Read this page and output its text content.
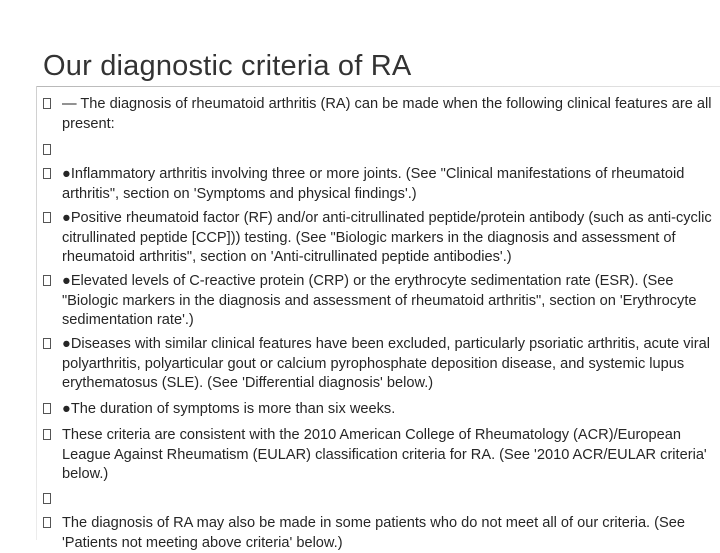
Our diagnostic criteria of RA
— The diagnosis of rheumatoid arthritis (RA) can be made when the following clinical features are all present:
●Inflammatory arthritis involving three or more joints. (See "Clinical manifestations of rheumatoid arthritis", section on 'Symptoms and physical findings'.)
●Positive rheumatoid factor (RF) and/or anti-citrullinated peptide/protein antibody (such as anti-cyclic citrullinated peptide [CCP])) testing. (See "Biologic markers in the diagnosis and assessment of rheumatoid arthritis", section on 'Anti-citrullinated peptide antibodies'.)
●Elevated levels of C-reactive protein (CRP) or the erythrocyte sedimentation rate (ESR). (See "Biologic markers in the diagnosis and assessment of rheumatoid arthritis", section on 'Erythrocyte sedimentation rate'.)
●Diseases with similar clinical features have been excluded, particularly psoriatic arthritis, acute viral polyarthritis, polyarticular gout or calcium pyrophosphate deposition disease, and systemic lupus erythematosus (SLE). (See 'Differential diagnosis' below.)
●The duration of symptoms is more than six weeks.
These criteria are consistent with the 2010 American College of Rheumatology (ACR)/European League Against Rheumatism (EULAR) classification criteria for RA. (See '2010 ACR/EULAR criteria' below.)
The diagnosis of RA may also be made in some patients who do not meet all of our criteria. (See 'Patients not meeting above criteria' below.)
